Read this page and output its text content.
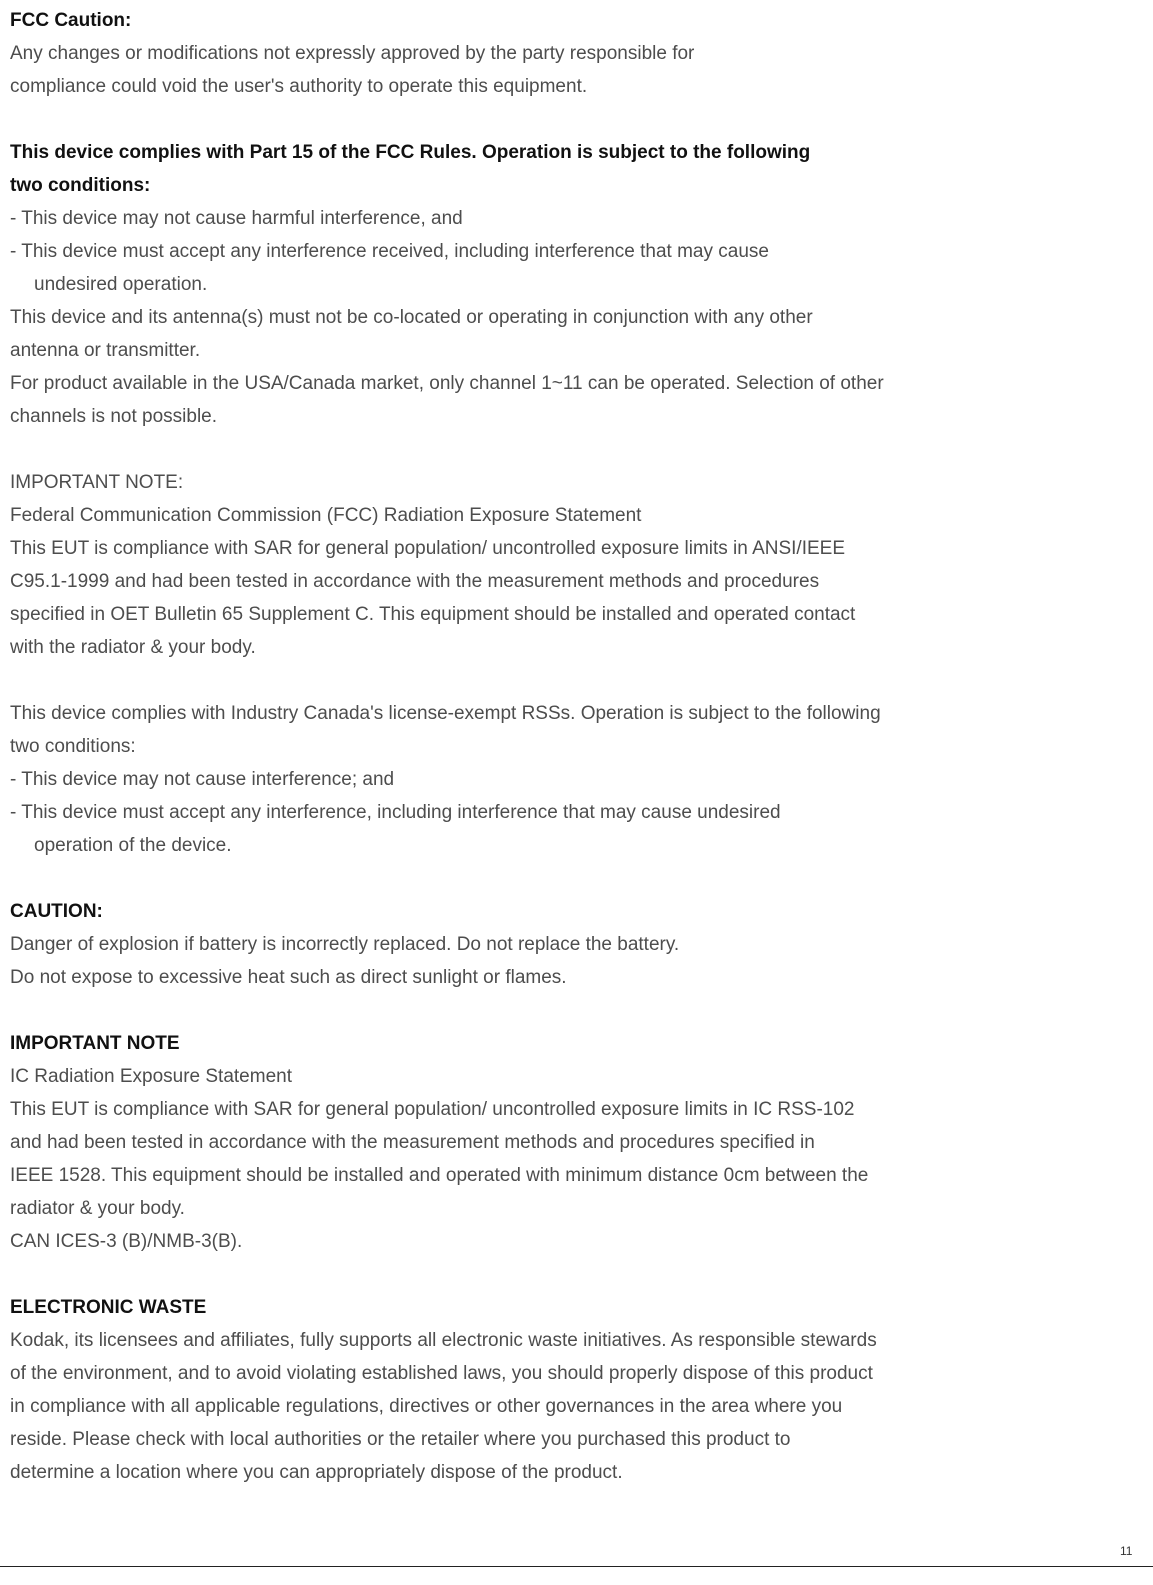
FCC Caution:
Any changes or modifications not expressly approved by the party responsible for
compliance could void the user's authority to operate this equipment.
This device complies with Part 15 of the FCC Rules. Operation is subject to the following
two conditions:
- This device may not cause harmful interference, and
- This device must accept any interference received, including interference that may cause
undesired operation.
This device and its antenna(s) must not be co-located or operating in conjunction with any other
antenna or transmitter.
For product available in the USA/Canada market, only channel 1~11 can be operated. Selection of other
channels is not possible.
IMPORTANT NOTE:
Federal Communication Commission (FCC) Radiation Exposure Statement
This EUT is compliance with SAR for general population/ uncontrolled exposure limits in ANSI/IEEE
C95.1-1999 and had been tested in accordance with the measurement methods and procedures
specified in OET Bulletin 65 Supplement C. This equipment should be installed and operated contact
with the radiator & your body.
This device complies with Industry Canada's license-exempt RSSs. Operation is subject to the following
two conditions:
- This device may not cause interference; and
- This device must accept any interference, including interference that may cause undesired
operation of the device.
CAUTION:
Danger of explosion if battery is incorrectly replaced. Do not replace the battery.
Do not expose to excessive heat such as direct sunlight or flames.
IMPORTANT NOTE
IC Radiation Exposure Statement
This EUT is compliance with SAR for general population/ uncontrolled exposure limits in IC RSS-102
and had been tested in accordance with the measurement methods and procedures specified in
IEEE 1528. This equipment should be installed and operated with minimum distance 0cm between the
radiator & your body.
CAN ICES-3 (B)/NMB-3(B).
ELECTRONIC WASTE
Kodak, its licensees and affiliates, fully supports all electronic waste initiatives. As responsible stewards
of the environment, and to avoid violating established laws, you should properly dispose of this product
in compliance with all applicable regulations, directives or other governances in the area where you
reside. Please check with local authorities or the retailer where you purchased this product to
determine a location where you can appropriately dispose of the product.
11
